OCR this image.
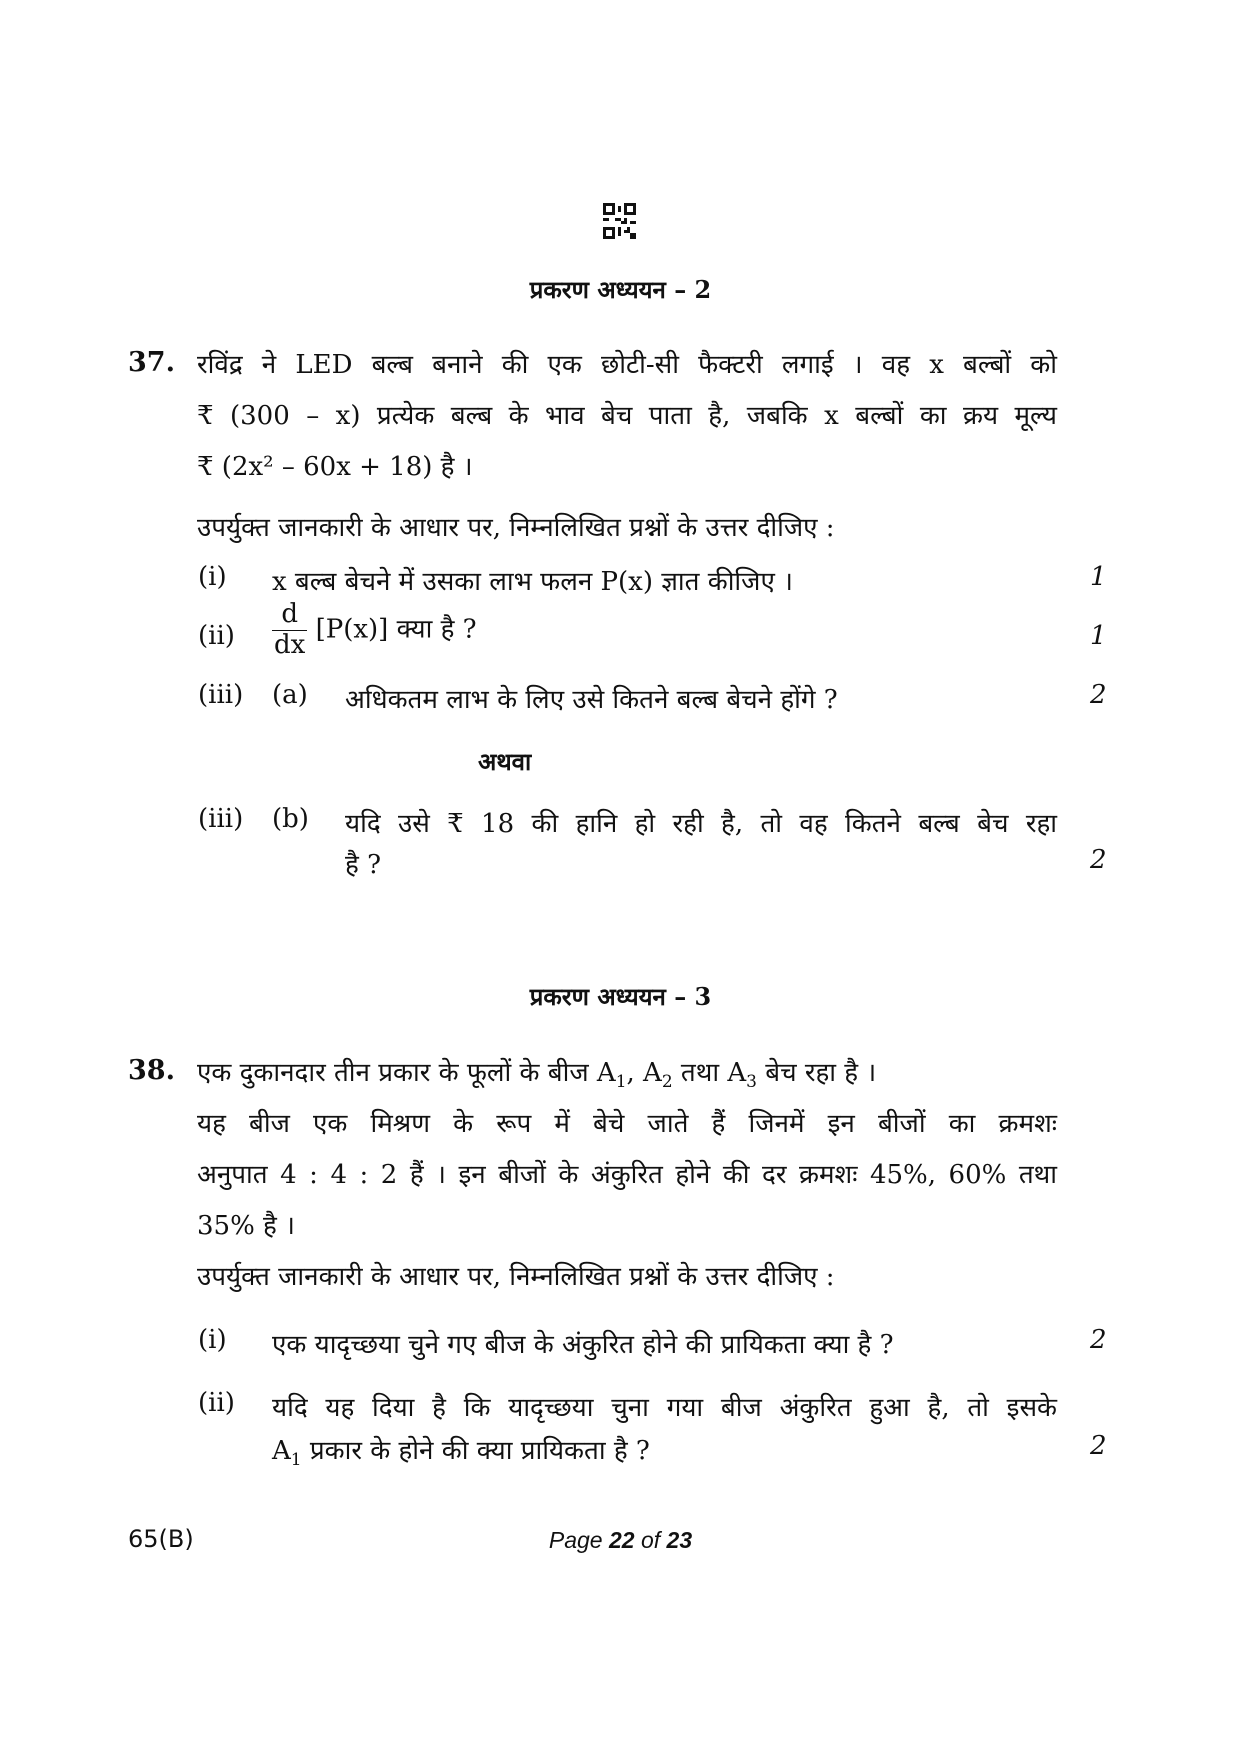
प्रकरण अध्ययन – 2
37. रविंद्र ने LED बल्ब बनाने की एक छोटी-सी फैक्टरी लगाई । वह x बल्बों को
₹ (300 – x) प्रत्येक बल्ब के भाव बेच पाता है, जबकि x बल्बों का क्रय मूल्य
₹ (2x² – 60x + 18) है ।
उपर्युक्त जानकारी के आधार पर, निम्नलिखित प्रश्नों के उत्तर दीजिए :
(i) x बल्ब बेचने में उसका लाभ फलन P(x) ज्ञात कीजिए ।	1
$(ii) \frac{d}{dx} [P(x)]$ क्या है ?	1
(iii) (a) अधिकतम लाभ के लिए उसे कितने बल्ब बेचने होंगे ?	2
अथवा
(iii) (b) यदि उसे ₹ 18 की हानि हो रही है, तो वह कितने बल्ब बेच रहा
है ?	2
प्रकरण अध्ययन – 3
38. एक दुकानदार तीन प्रकार के फूलों के बीज $A_1$, $A_2$ तथा $A_3$ बेच रहा है ।
यह बीज एक मिश्रण के रूप में बेचे जाते हैं जिनमें इन बीजों का क्रमशः
अनुपात 4 : 4 : 2 हैं । इन बीजों के अंकुरित होने की दर क्रमशः 45%, 60% तथा
35% है ।
उपर्युक्त जानकारी के आधार पर, निम्नलिखित प्रश्नों के उत्तर दीजिए :
(i) एक यादृच्छया चुने गए बीज के अंकुरित होने की प्रायिकता क्या है ?	2
(ii) यदि यह दिया है कि यादृच्छया चुना गया बीज अंकुरित हुआ है, तो इसके
$A_1$ प्रकार के होने की क्या प्रायिकता है ?	2
65(B)	Page 22 of 23
